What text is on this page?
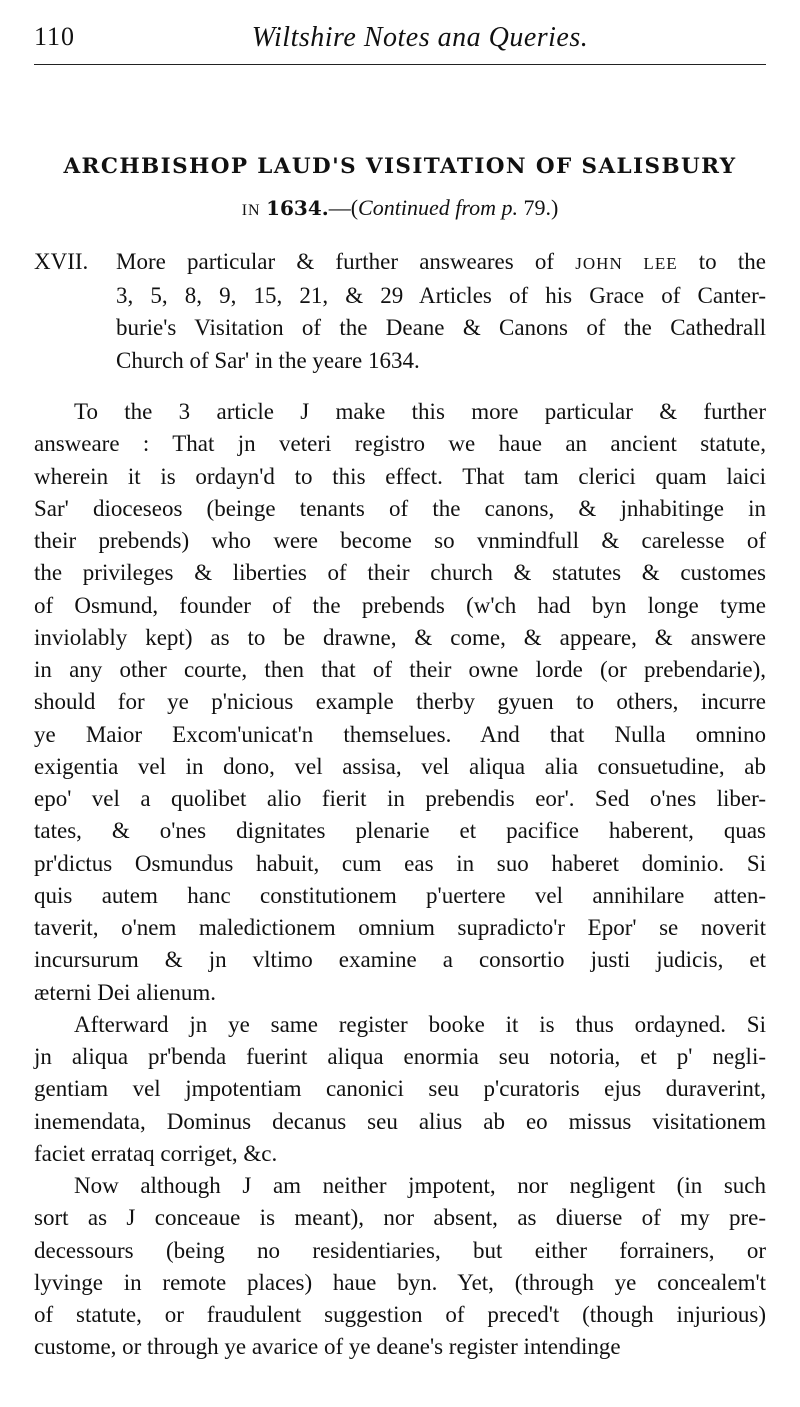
110	Wiltshire Notes ana Queries.
ARCHBISHOP LAUD'S VISITATION OF SALISBURY
IN 1634.—(Continued from p. 79.)
XVII. More particular & further answeares of JOHN LEE to the
3, 5, 8, 9, 15, 21, & 29 Articles of his Grace of Canter-
burie's Visitation of the Deane & Canons of the Cathedrall
Church of Sar' in the yeare 1634.
To the 3 article J make this more particular & further
answeare : That jn veteri registro we haue an ancient statute,
wherein it is ordayn'd to this effect. That tam clerici quam laici
Sar' dioceseos (beinge tenants of the canons, & jnhabitinge in
their prebends) who were become so vnmindfull & carelesse of
the privileges & liberties of their church & statutes & customes
of Osmund, founder of the prebends (w'ch had byn longe tyme
inviolably kept) as to be drawne, & come, & appeare, & answere
in any other courte, then that of their owne lorde (or prebendarie),
should for ye p'nicious example therby gyuen to others, incurre
ye Maior Excom'unicat'n themselues. And that Nulla omnino
exigentia vel in dono, vel assisa, vel aliqua alia consuetudine, ab
epo' vel a quolibet alio fierit in prebendis eor'. Sed o'nes liber-
tates, & o'nes dignitates plenarie et pacifice haberent, quas
pr'dictus Osmundus habuit, cum eas in suo haberet dominio. Si
quis autem hanc constitutionem p'uertere vel annihilare atten-
taverit, o'nem maledictionem omnium supradicto'r Epor' se noverit
incursurum & jn vltimo examine a consortio justi judicis, et
æterni Dei alienum.
Afterward jn ye same register booke it is thus ordayned. Si
jn aliqua pr'benda fuerint aliqua enormia seu notoria, et p' negli-
gentiam vel jmpotentiam canonici seu p'curatoris ejus duraverint,
inemendata, Dominus decanus seu alius ab eo missus visitationem
faciet errataq corriget, &c.
Now although J am neither jmpotent, nor negligent (in such
sort as J conceaue is meant), nor absent, as diuerse of my pre-
decessours (being no residentiaries, but either forrainers, or
lyvinge in remote places) haue byn. Yet, (through ye concealem't
of statute, or fraudulent suggestion of preced't (though injurious)
custome, or through ye avarice of ye deane's register intendinge
